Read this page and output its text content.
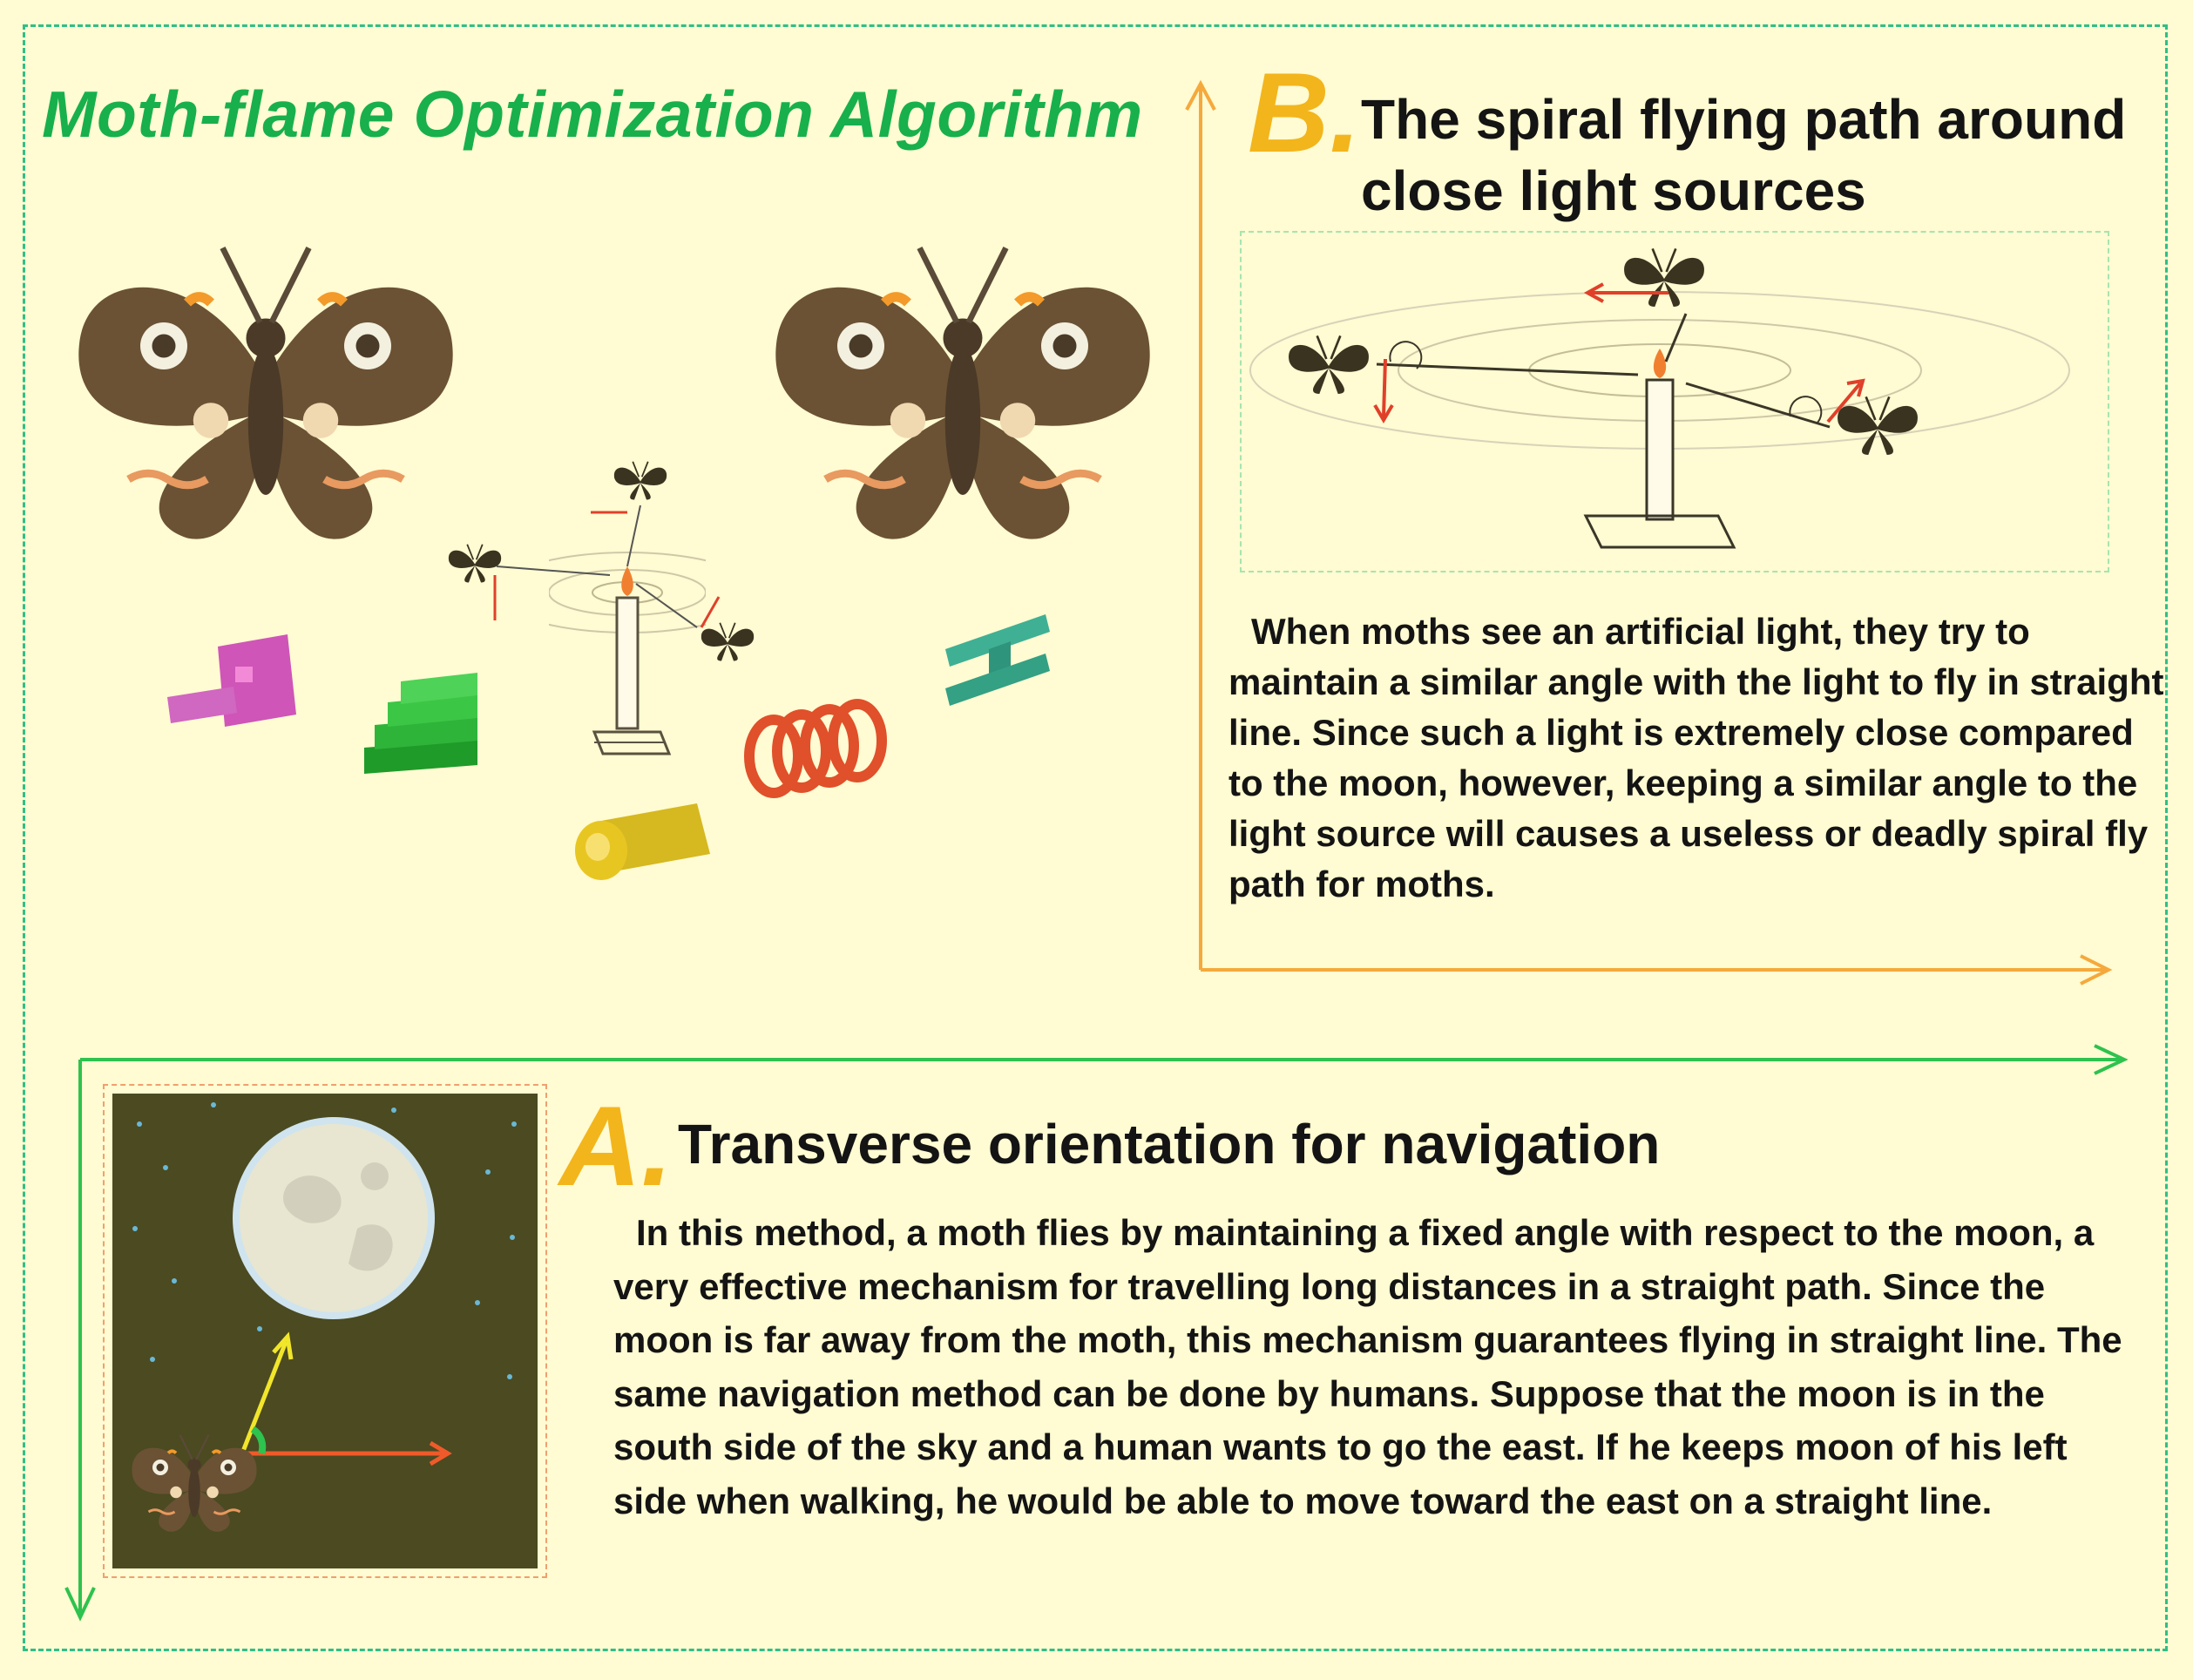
Moth-flame Optimization Algorithm B. The spiral flying path around close light sources
When moths see an artificial light, they try to maintain a similar angle with the light to fly in straight line. Since such a light is extremely close compared to the moon, however, keeping a similar angle to the light source will causes a useless or deadly spiral fly path for moths.
A. Transverse orientation for navigation
In this method, a moth flies by maintaining a fixed angle with respect to the moon, a very effective mechanism for travelling long distances in a straight path. Since the moon is far away from the moth, this mechanism guarantees flying in straight line. The same navigation method can be done by humans. Suppose that the moon is in the south side of the sky and a human wants to go the east. If he keeps moon of his left side when walking, he would be able to move toward the east on a straight line.
